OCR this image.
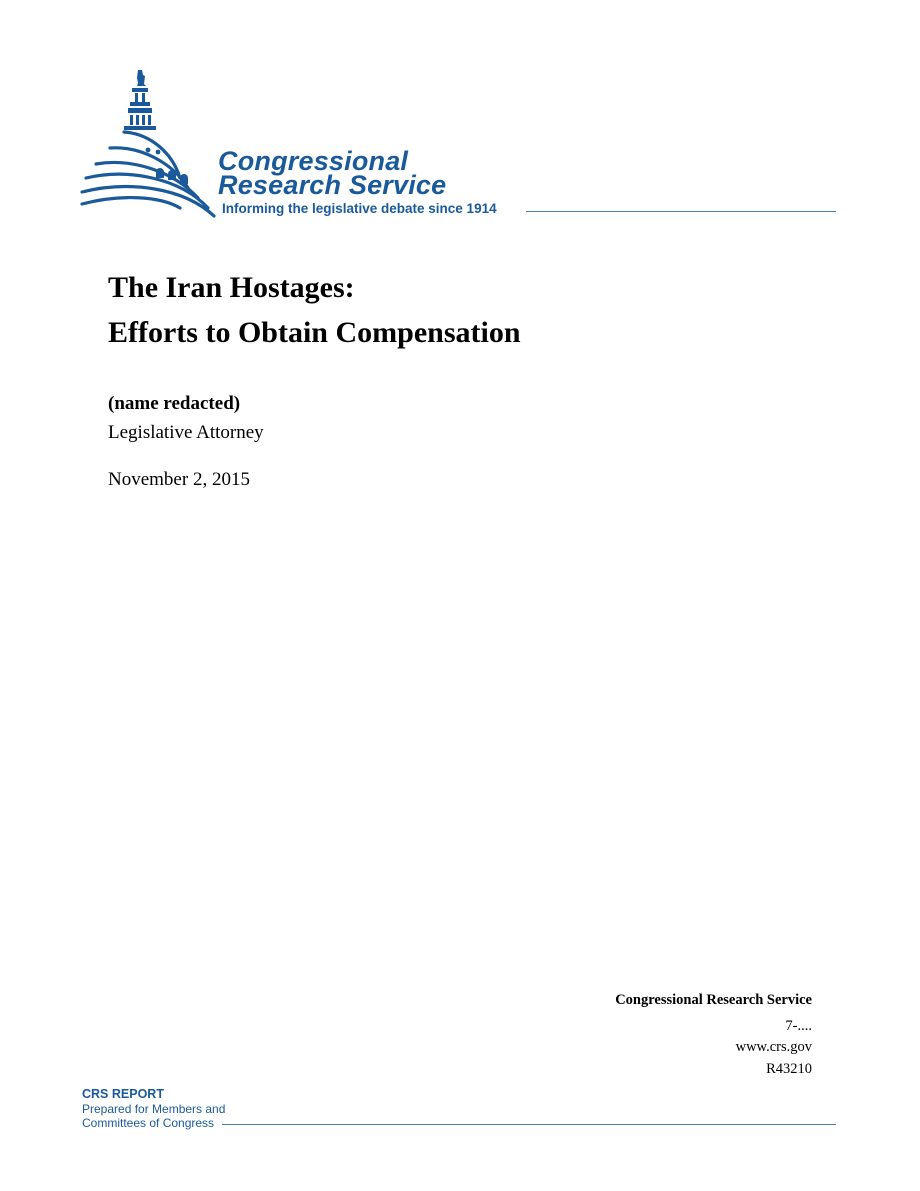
Congressional
Research Service
Informing the legislative debate since 1914
The Iran Hostages:
Efforts to Obtain Compensation
(name redacted)
Legislative Attorney
November 2, 2015
Congressional Research Service
7-....
www.crs.gov
R43210
CRS REPORT
Prepared for Members and
Committees of Congress
